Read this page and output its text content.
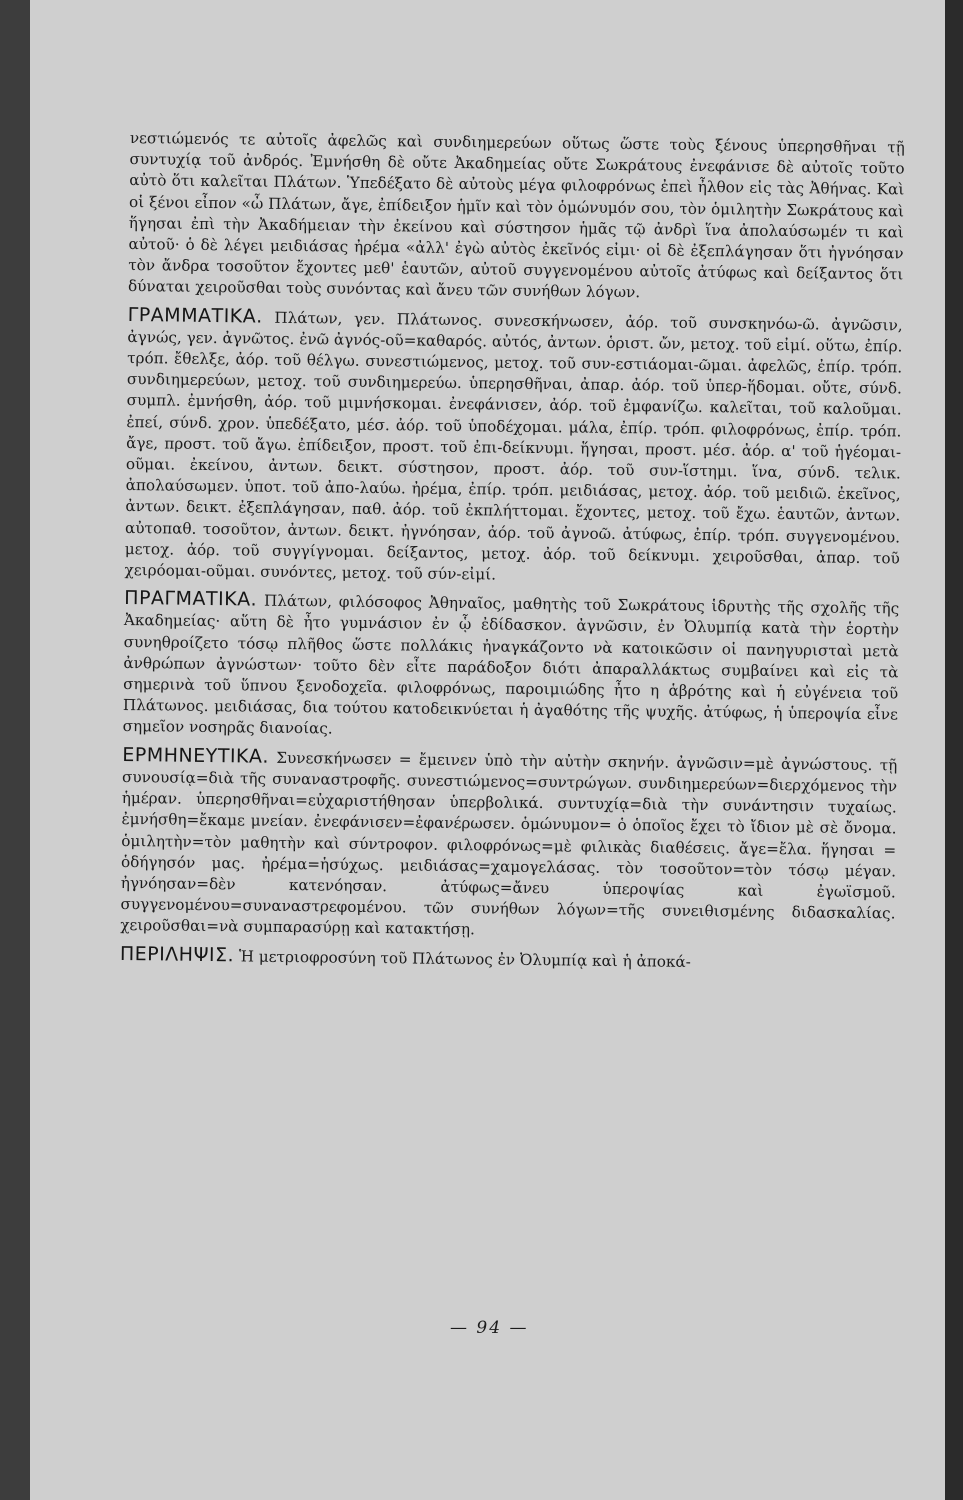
νεστιώμενός τε αὐτοῖς ἀφελῶς καὶ συνδιημερεύων οὕτως ὥστε τοὺς ξένους ὑπερησθῆναι τῇ συντυχίᾳ τοῦ ἀνδρός. Ἐμνήσθη δὲ οὔτε Ἀκαδημείας οὔτε Σωκράτους ἐνεφάνισε δὲ αὐτοῖς τοῦτο αὐτὸ ὅτι καλεῖται Πλάτων. Ὑπεδέξατο δὲ αὐτοὺς μέγα φιλοφρόνως ἐπεὶ ἦλθον εἰς τὰς Ἀθήνας. Καὶ οἱ ξένοι εἶπον «ὦ Πλάτων, ἄγε, ἐπίδειξον ἡμῖν καὶ τὸν ὁμώνυμόν σου, τὸν ὁμιλητὴν Σωκράτους καὶ ἥγησαι ἐπὶ τὴν Ἀκαδήμειαν τὴν ἐκείνου καὶ σύστησον ἡμᾶς τῷ ἀνδρὶ ἵνα ἀπολαύσωμέν τι καὶ αὐτοῦ· ὁ δὲ λέγει μειδιάσας ἠρέμα «ἀλλ' ἐγὼ αὐτὸς ἐκεῖνός εἰμι· οἱ δὲ ἐξεπλάγησαν ὅτι ἠγνόησαν τὸν ἄνδρα τοσοῦτον ἔχοντες μεθ' ἑαυτῶν, αὐτοῦ συγγενομένου αὐτοῖς ἀτύφως καὶ δείξαντος ὅτι δύναται χειροῦσθαι τοὺς συνόντας καὶ ἄνευ τῶν συνήθων λόγων.

ΓΡΑΜΜΑΤΙΚΑ. Πλάτων, γεν. Πλάτωνος. συνεσκήνωσεν, ἀόρ. τοῦ συνσκηνόω-ῶ. ἀγνῶσιν, ἀγνώς, γεν. ἀγνῶτος. ἐνῶ ἀγνός-οῦ=καθαρός. αὐτός, ἀντων. ὁριστ. ὤν, μετοχ. τοῦ εἰμί. οὕτω, ἐπίρ. τρόπ. ἔθελξε, ἀόρ. τοῦ θέλγω. συνεστιώμενος, μετοχ. τοῦ συν-εστιάομαι-ῶμαι. ἀφελῶς, ἐπίρ. τρόπ. συνδιημερεύων, μετοχ. τοῦ συνδιημερεύω. ὑπερησθῆναι, ἀπαρ. ἀόρ. τοῦ ὑπερ-ἥδομαι. οὔτε, σύνδ. συμπλ. ἐμνήσθη, ἀόρ. τοῦ μιμνήσκομαι. ἐνεφάνισεν, ἀόρ. τοῦ ἐμφανίζω. καλεῖται, τοῦ καλοῦμαι. ἐπεί, σύνδ. χρον. ὑπεδέξατο, μέσ. ἀόρ. τοῦ ὑποδέχομαι. μάλα, ἐπίρ. τρόπ. φιλοφρόνως, ἐπίρ. τρόπ. ἄγε, προστ. τοῦ ἄγω. ἐπίδειξον, προστ. τοῦ ἐπι-δείκνυμι. ἥγησαι, προστ. μέσ. ἀόρ. α' τοῦ ἡγέομαι-οῦμαι. ἐκείνου, ἀντων. δεικτ. σύστησον, προστ. ἀόρ. τοῦ συν-ἵστημι. ἵνα, σύνδ. τελικ. ἀπολαύσωμεν. ὑποτ. τοῦ ἀπο-λαύω. ἠρέμα, ἐπίρ. τρόπ. μειδιάσας, μετοχ. ἀόρ. τοῦ μειδιῶ. ἐκεῖνος, ἀντων. δεικτ. ἐξεπλάγησαν, παθ. ἀόρ. τοῦ ἐκπλήττομαι. ἔχοντες, μετοχ. τοῦ ἔχω. ἑαυτῶν, ἀντων. αὐτοπαθ. τοσοῦτον, ἀντων. δεικτ. ἠγνόησαν, ἀόρ. τοῦ ἀγνοῶ. ἀτύφως, ἐπίρ. τρόπ. συγγενομένου. μετοχ. ἀόρ. τοῦ συγγίγνομαι. δείξαντος, μετοχ. ἀόρ. τοῦ δείκνυμι. χειροῦσθαι, ἀπαρ. τοῦ χειρόομαι-οῦμαι. συνόντες, μετοχ. τοῦ σύν-εἰμί.

ΠΡΑΓΜΑΤΙΚΑ. Πλάτων, φιλόσοφος Ἀθηναῖος, μαθητὴς τοῦ Σωκράτους ἱδρυτὴς τῆς σχολῆς τῆς Ἀκαδημείας· αὕτη δὲ ἦτο γυμνάσιον ἐν ᾧ ἐδίδασκον. ἀγνῶσιν, ἐν Ὀλυμπίᾳ κατὰ τὴν ἑορτὴν συνηθροίζετο τόσῳ πλῆθος ὥστε πολλάκις ἠναγκάζοντο νὰ κατοικῶσιν οἱ πανηγυρισταὶ μετὰ ἀνθρώπων ἀγνώστων· τοῦτο δὲν εἶτε παράδοξον διότι ἀπαραλλάκτως συμβαίνει καὶ εἰς τὰ σημερινὰ τοῦ ὕπνου ξενοδοχεῖα. φιλοφρόνως, παροιμιώδης ἦτο η ἁβρότης καὶ ἡ εὐγένεια τοῦ Πλάτωνος. μειδιάσας, δια τούτου κατοδεικνύεται ἡ ἀγαθότης τῆς ψυχῆς. ἀτύφως, ἡ ὑπεροψία εἶνε σημεῖον νοσηρᾶς διανοίας.

ΕΡΜΗΝΕΥΤΙΚΑ. Συνεσκήνωσεν = ἔμεινεν ὑπὸ τὴν αὐτὴν σκηνήν. ἀγνῶσιν=μὲ ἀγνώστους. τῇ συνουσίᾳ=διὰ τῆς συναναστροφῆς. συνεστιώμενος=συντρώγων. συνδιημερεύων=διερχόμενος τὴν ἡμέραν. ὑπερησθῆναι=εὐχαριστήθησαν ὑπερβολικά. συντυχίᾳ=διὰ τὴν συνάντησιν τυχαίως. ἐμνήσθη=ἔκαμε μνείαν. ἐνεφάνισεν=ἐφανέρωσεν. ὁμώνυμον= ὁ ὁποῖος ἔχει τὸ ἴδιον μὲ σὲ ὄνομα. ὁμιλητὴν=τὸν μαθητὴν καὶ σύντροφον. φιλοφρόνως=μὲ φιλικὰς διαθέσεις. ἄγε=ἔλα. ἥγησαι = ὁδήγησόν μας. ἠρέμα=ἡσύχως. μειδιάσας=χαμογελάσας. τὸν τοσοῦτον=τὸν τόσῳ μέγαν. ἠγνόησαν=δὲν κατενόησαν. ἀτύφως=ἄνευ ὑπεροψίας καὶ ἐγωϊσμοῦ. συγγενομένου=συναναστρεφομένου. τῶν συνήθων λόγων=τῆς συνειθισμένης διδασκαλίας. χειροῦσθαι=νὰ συμπαρασύρῃ καὶ κατακτήσῃ.

ΠΕΡΙΛΗΨΙΣ. Ἡ μετριοφροσύνη τοῦ Πλάτωνος ἐν Ὀλυμπίᾳ καὶ ἡ ἀποκά-

— 94 —
